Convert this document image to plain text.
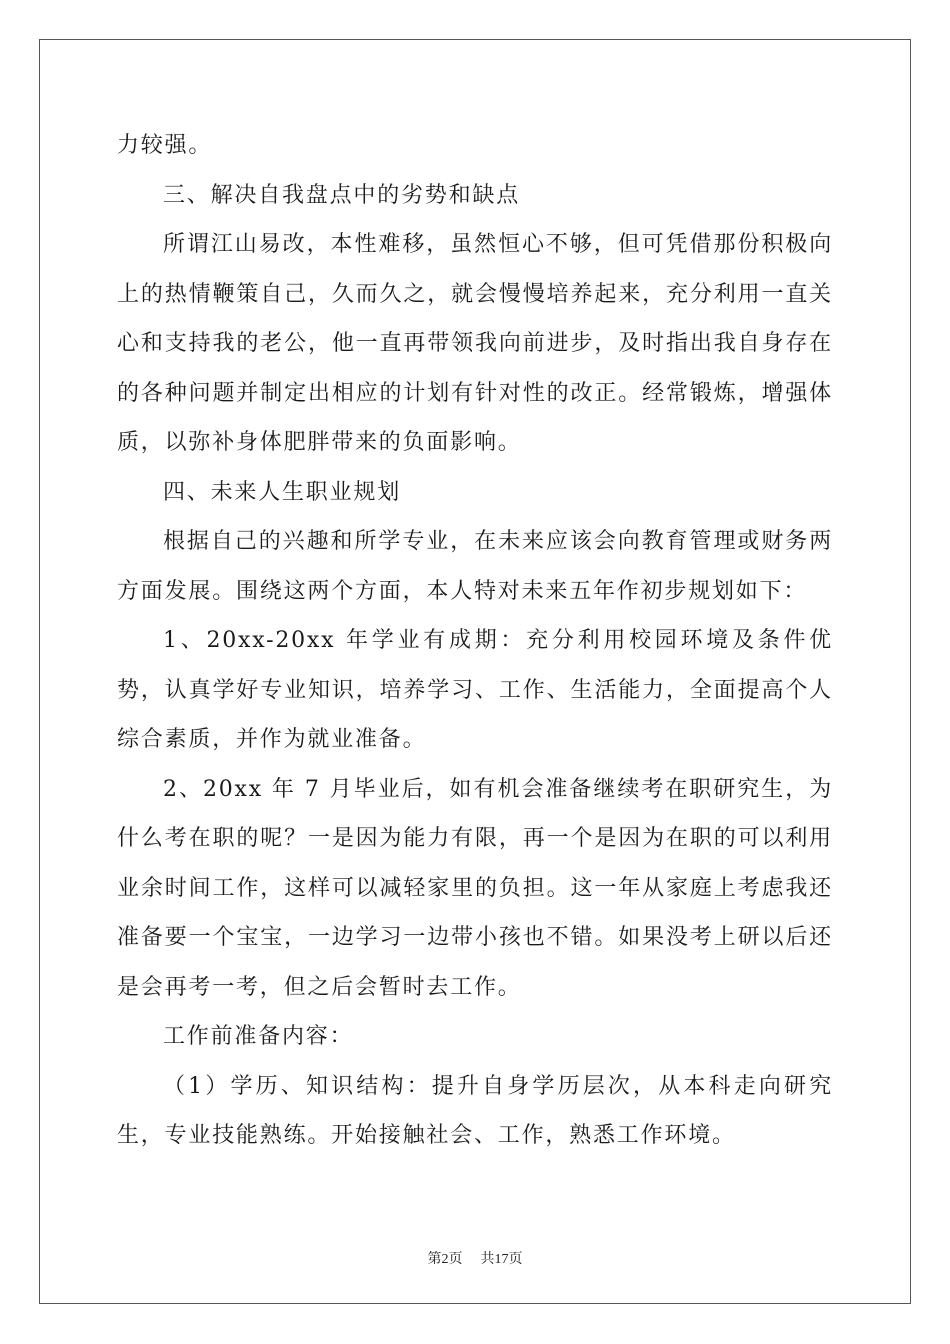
力较强。

三、解决自我盘点中的劣势和缺点

所谓江山易改，本性难移，虽然恒心不够，但可凭借那份积极向上的热情鞭策自己，久而久之，就会慢慢培养起来，充分利用一直关心和支持我的老公，他一直再带领我向前进步，及时指出我自身存在的各种问题并制定出相应的计划有针对性的改正。经常锻炼，增强体质，以弥补身体肥胖带来的负面影响。

四、未来人生职业规划

根据自己的兴趣和所学专业，在未来应该会向教育管理或财务两方面发展。围绕这两个方面，本人特对未来五年作初步规划如下：

1、20xx-20xx 年学业有成期：充分利用校园环境及条件优势，认真学好专业知识，培养学习、工作、生活能力，全面提高个人综合素质，并作为就业准备。

2、20xx 年 7 月毕业后，如有机会准备继续考在职研究生，为什么考在职的呢？一是因为能力有限，再一个是因为在职的可以利用业余时间工作，这样可以减轻家里的负担。这一年从家庭上考虑我还准备要一个宝宝，一边学习一边带小孩也不错。如果没考上研以后还是会再考一考，但之后会暂时去工作。

工作前准备内容：

（1）学历、知识结构：提升自身学历层次，从本科走向研究生，专业技能熟练。开始接触社会、工作，熟悉工作环境。

第2页 共17页
